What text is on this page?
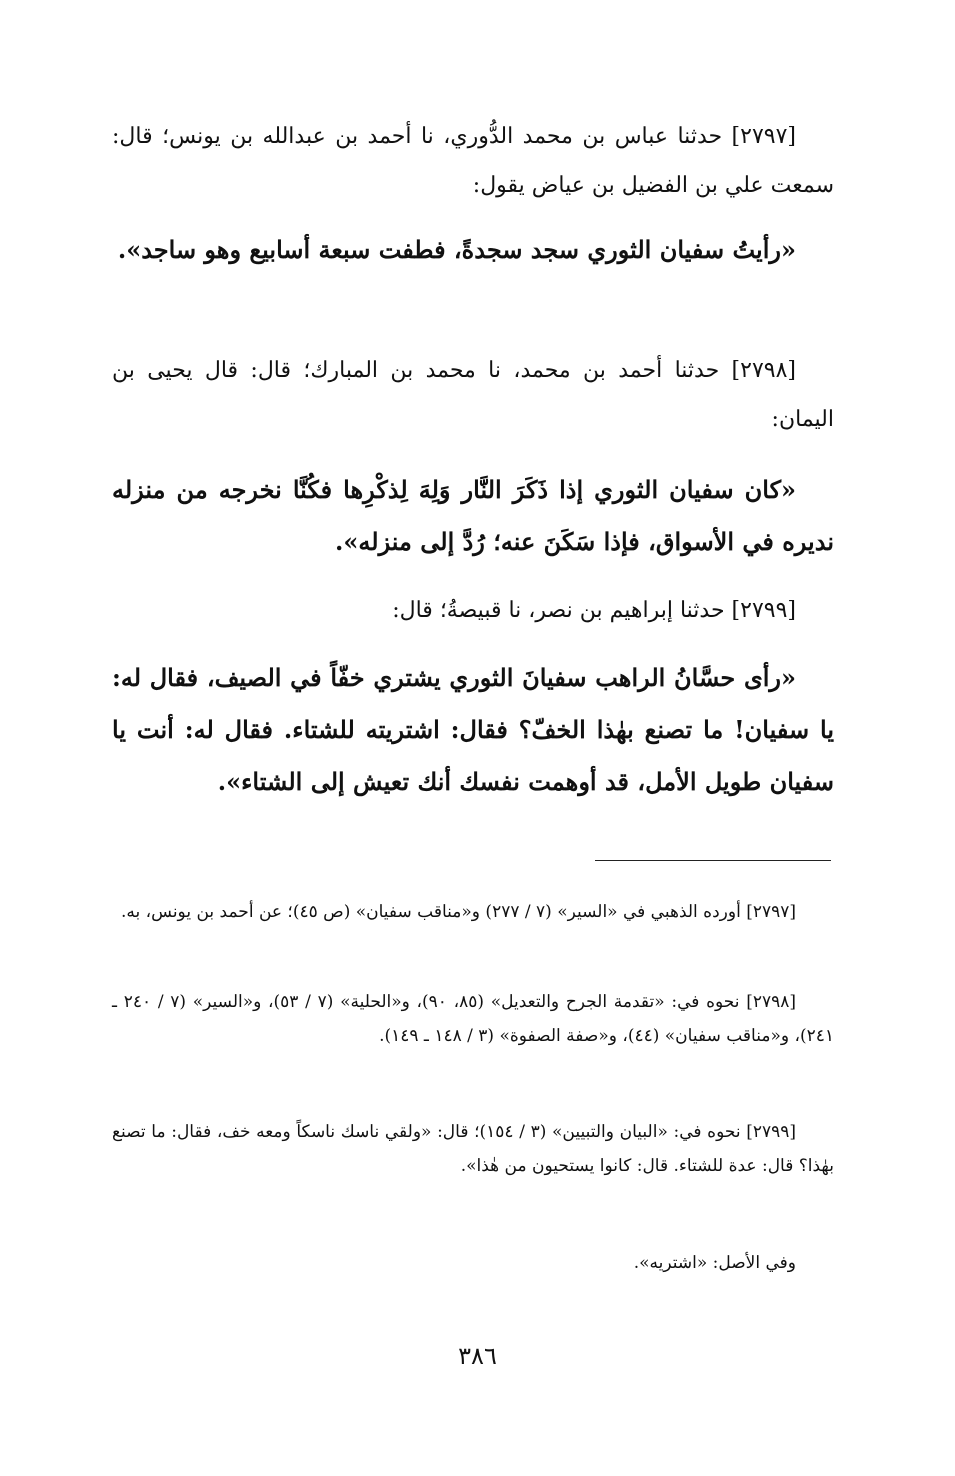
[٢٧٩٧] حدثنا عباس بن محمد الدُّوري، نا أحمد بن عبدالله بن يونس؛ قال: سمعت علي بن الفضيل بن عياض يقول:

«رأيتُ سفيان الثوري سجد سجدةً، فطفت سبعة أسابيع وهو ساجد».

[٢٧٩٨] حدثنا أحمد بن محمد، نا محمد بن المبارك؛ قال: قال يحيى بن اليمان:

«كان سفيان الثوري إذا ذَكَرَ النَّار وَلِهَ لِذكْرِها فكُنَّا نخرجه من منزله نديره في الأسواق، فإذا سَكَنَ عنه؛ رُدَّ إلى منزله».

[٢٧٩٩] حدثنا إبراهيم بن نصر، نا قبيصةُ؛ قال:

«رأى حسَّانُ الراهب سفيانَ الثوري يشتري خفّاً في الصيف، فقال له: يا سفيان! ما تصنع بهٰذا الخفّ؟ فقال: اشتريته للشتاء. فقال له: أنت يا سفيان طويل الأمل، قد أوهمت نفسك أنك تعيش إلى الشتاء».

[٢٧٩٧] أورده الذهبي في «السير» (٧ / ٢٧٧) و«مناقب سفيان» (ص ٤٥)؛ عن أحمد بن يونس، به.

[٢٧٩٨] نحوه في: «تقدمة الجرح والتعديل» (٨٥، ٩٠)، و«الحلية» (٧ / ٥٣)، و«السير» (٧ / ٢٤٠ ـ ٢٤١)، و«مناقب سفيان» (٤٤)، و«صفة الصفوة» (٣ / ١٤٨ ـ ١٤٩).

[٢٧٩٩] نحوه في: «البيان والتبيين» (٣ / ١٥٤)؛ قال: «ولقي ناسك ناسكاً ومعه خف، فقال: ما تصنع بهٰذا؟ قال: عدة للشتاء. قال: كانوا يستحيون من هٰذا».

وفي الأصل: «اشتريه».

٣٨٦
